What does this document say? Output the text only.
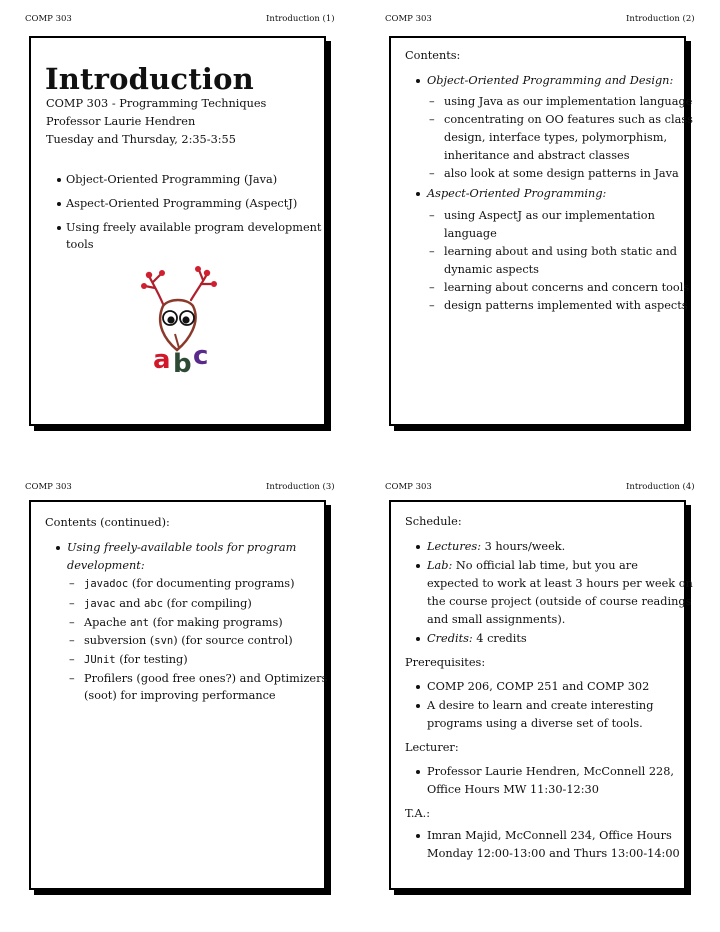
COMP 303	Introduction (1)
Introduction
COMP 303 - Programming Techniques
Professor Laurie Hendren
Tuesday and Thursday, 2:35-3:55
Object-Oriented Programming (Java)
Aspect-Oriented Programming (AspectJ)
Using freely available program development
tools
a b c
COMP 303	Introduction (2)
Contents:
Object-Oriented Programming and Design:
– using Java as our implementation language
– concentrating on OO features such as class
design, interface types, polymorphism,
inheritance and abstract classes
– also look at some design patterns in Java
Aspect-Oriented Programming:
– using AspectJ as our implementation
language
– learning about and using both static and
dynamic aspects
– learning about concerns and concern tools
– design patterns implemented with aspects
COMP 303	Introduction (3)
Contents (continued):
Using freely-available tools for program
development:
– javadoc (for documenting programs)
– javac and abc (for compiling)
– Apache ant (for making programs)
– subversion (svn) (for source control)
– JUnit (for testing)
– Profilers (good free ones?) and Optimizers
(soot) for improving performance
COMP 303	Introduction (4)
Schedule:
Lectures: 3 hours/week.
Lab: No official lab time, but you are
expected to work at least 3 hours per week on
the course project (outside of course readings
and small assignments).
Credits: 4 credits
Prerequisites:
COMP 206, COMP 251 and COMP 302
A desire to learn and create interesting
programs using a diverse set of tools.
Lecturer:
Professor Laurie Hendren, McConnell 228,
Office Hours MW 11:30-12:30
T.A.:
Imran Majid, McConnell 234, Office Hours
Monday 12:00-13:00 and Thurs 13:00-14:00
